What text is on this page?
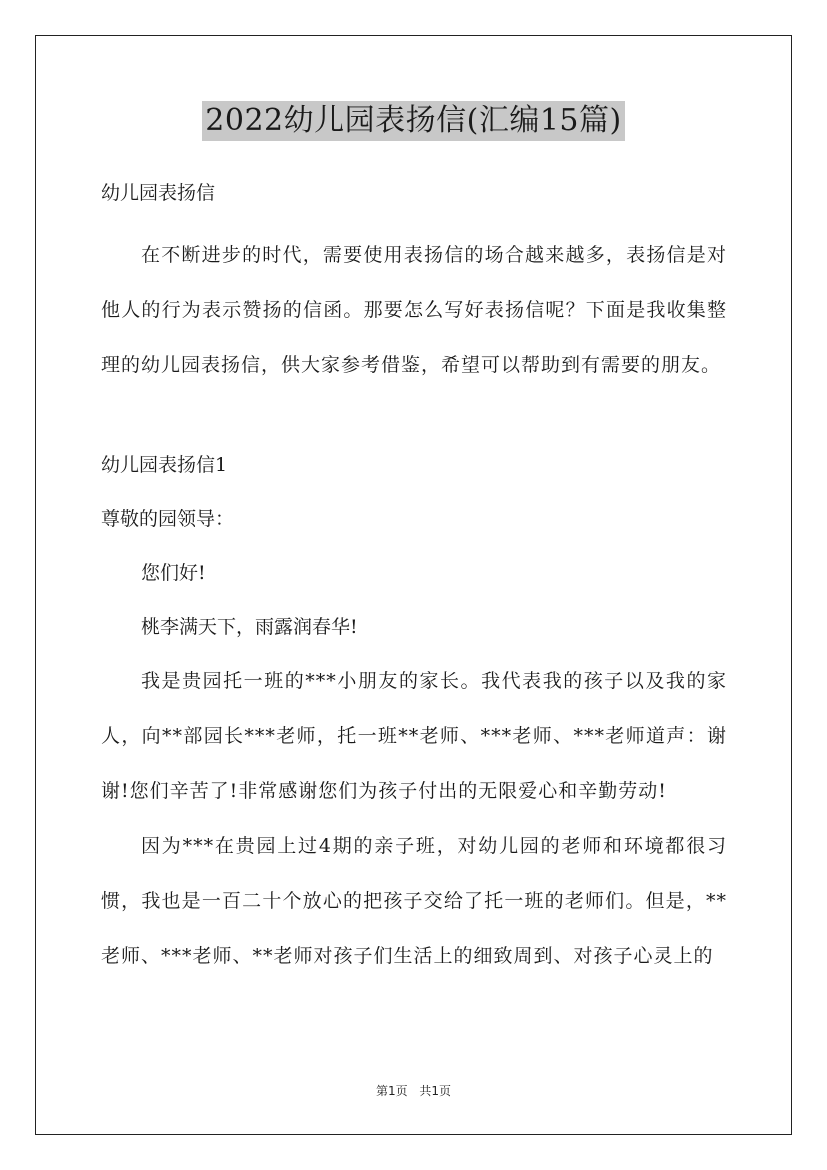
2022幼儿园表扬信(汇编15篇)
幼儿园表扬信

在不断进步的时代，需要使用表扬信的场合越来越多，表扬信是对他人的行为表示赞扬的信函。那要怎么写好表扬信呢？下面是我收集整理的幼儿园表扬信，供大家参考借鉴，希望可以帮助到有需要的朋友。

幼儿园表扬信1
尊敬的园领导：
您们好!
桃李满天下，雨露润春华!

我是贵园托一班的***小朋友的家长。我代表我的孩子以及我的家人，向**部园长***老师，托一班**老师、***老师、***老师道声：谢谢!您们辛苦了!非常感谢您们为孩子付出的无限爱心和辛勤劳动!

因为***在贵园上过4期的亲子班，对幼儿园的老师和环境都很习惯，我也是一百二十个放心的把孩子交给了托一班的老师们。但是，**老师、***老师、**老师对孩子们生活上的细致周到、对孩子心灵上的

第1页 共1页
